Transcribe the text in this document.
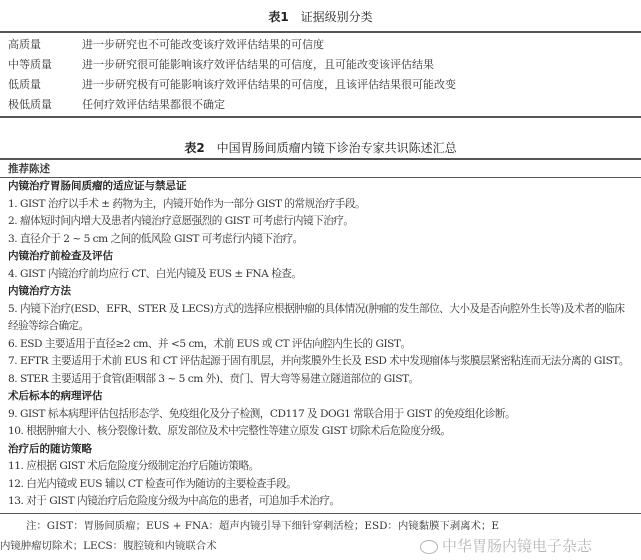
表1 证据级别分类
高质量	进一步研究也不可能改变该疗效评估结果的可信度
中等质量	进一步研究很可能影响该疗效评估结果的可信度，且可能改变该评估结果
低质量	进一步研究极有可能影响该疗效评估结果的可信度，且该评估结果很可能改变
极低质量	任何疗效评估结果都很不确定
表2 中国胃肠间质瘤内镜下诊治专家共识陈述汇总
推荐陈述
内镜治疗胃肠间质瘤的适应证与禁忌证
1. GIST 治疗以手术 ± 药物为主，内镜开始作为一部分 GIST 的常规治疗手段。
2. 瘤体短时间内增大及患者内镜治疗意愿强烈的 GIST 可考虑行内镜下治疗。
3. 直径介于 2 ~ 5 cm 之间的低风险 GIST 可考虑行内镜下治疗。
内镜治疗前检查及评估
4. GIST 内镜治疗前均应行 CT、白光内镜及 EUS ± FNA 检查。
内镜治疗方法
5. 内镜下治疗(ESD、EFR、STER 及 LECS)方式的选择应根据肿瘤的具体情况(肿瘤的发生部位、大小及是否向腔外生长等)及术者的临床
经验等综合确定。
6. ESD 主要适用于直径≥2 cm、并 <5 cm，术前 EUS 或 CT 评估向腔内生长的 GIST。
7. EFTR 主要适用于术前 EUS 和 CT 评估起源于固有肌层，并向浆膜外生长及 ESD 术中发现瘤体与浆膜层紧密粘连而无法分离的 GIST。
8. STER 主要适用于食管(距咽部 3 ~ 5 cm 外)、贲门、胃大弯等易建立隧道部位的 GIST。
术后标本的病理评估
9. GIST 标本病理评估包括形态学、免疫组化及分子检测，CD117 及 DOG1 常联合用于 GIST 的免疫组化诊断。
10. 根据肿瘤大小、核分裂像计数、原发部位及术中完整性等建立原发 GIST 切除术后危险度分级。
治疗后的随访策略
11. 应根据 GIST 术后危险度分级制定治疗后随访策略。
12. 白光内镜或 EUS 辅以 CT 检查可作为随访的主要检查手段。
13. 对于 GIST 内镜治疗后危险度分级为中高危的患者，可追加手术治疗。
注：GIST：胃肠间质瘤；EUS + FNA：超声内镜引导下细针穿刺活检；ESD：内镜黏膜下剥离术；E
内镜肿瘤切除术；LECS：腹腔镜和内镜联合术	中华胃肠内镜电子杂志
